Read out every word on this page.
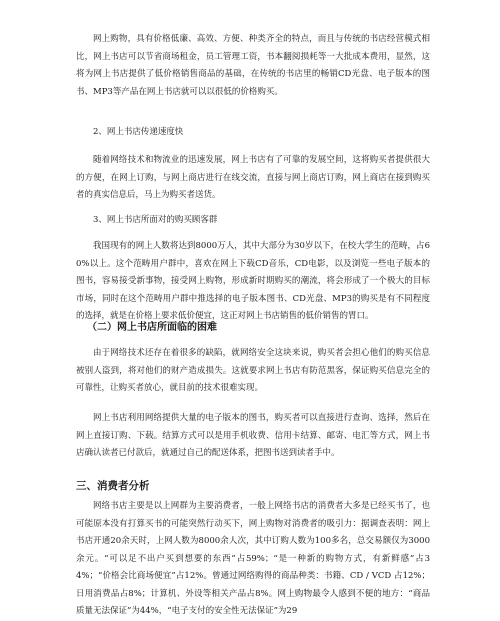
网上购物，具有价格低廉、高效、方便、种类齐全的特点，而且与传统的书店经营模式相比，网上书店可以节省商场租金，员工管理工资，书本翻阅损耗等一大批成本费用，显然，这将为网上书店提供了低价格销售商品的基础，在传统的书店里的畅销CD光盘、电子版本的图书、MP3等产品在网上书店就可以以很低的价格购买。

2、网上书店传递速度快

随着网络技术和物流业的迅速发展，网上书店有了可靠的发展空间，这将购买者提供很大的方便，在网上订购，与网上商店进行在线交流，直接与网上商店订购，网上商店在接到购买者的真实信息后，马上为购买者送货。

3、网上书店所面对的购买顾客群

我国现有的网上人数将达到8000万人，其中大部分为30岁以下，在校大学生的范畴，占60%以上。这个范畴用户群中，喜欢在网上下载CD音乐，CD电影，以及浏览一些电子版本的图书，容易接受新事物，接受网上购物，形成新时期购买的潮流，将会形成了一个极大的目标市场，同时在这个范畴用户群中推选择的电子版本图书、CD光盘、MP3的购买是有不同程度的选择，就是在价格上要求低价便宜，这正对网上书店销售的低价销售的胃口。

（二）网上书店所面临的困难

由于网络技术还存在着很多的缺陷，就网络安全这块来说，购买者会担心他们的购买信息被别人盗到，将对他们的财产造成损失。这就要求网上书店有防范黑客，保证购买信息完全的可靠性，让购买者放心，就目前的技术很难实现。

网上书店利用网络提供大量的电子版本的图书，购买者可以直接进行查询、选择，然后在网上直接订购、下载。结算方式可以是用手机收费、信用卡结算、邮寄、电汇等方式，网上书店确认读者已付款后，就通过自己的配送体系，把图书送到读者手中。

三、消费者分析

网络书店主要是以上网群为主要消费者，一般上网络书店的消费者大多是已经买书了，也可能原本没有打算买书的可能突然行动买下，网上购物对消费者的吸引力：据调查表明：网上书店开通20余天时，上网人数为8000余人次，其中订购人数为100多名，总交易额仅为3000余元。“可以足不出户买到想要的东西”占59%；“是一种新的购物方式，有新鲜感”占34%；“价格会比商场便宜”占12%。曾通过网络购得的商品种类：书籍、CD / VCD 占12%；日用消费品占8%；计算机、外设等相关产品占8%。网上购物最令人感到不便的地方：“商品质量无法保证”为44%，“电子支付的安全性无法保证”为29
